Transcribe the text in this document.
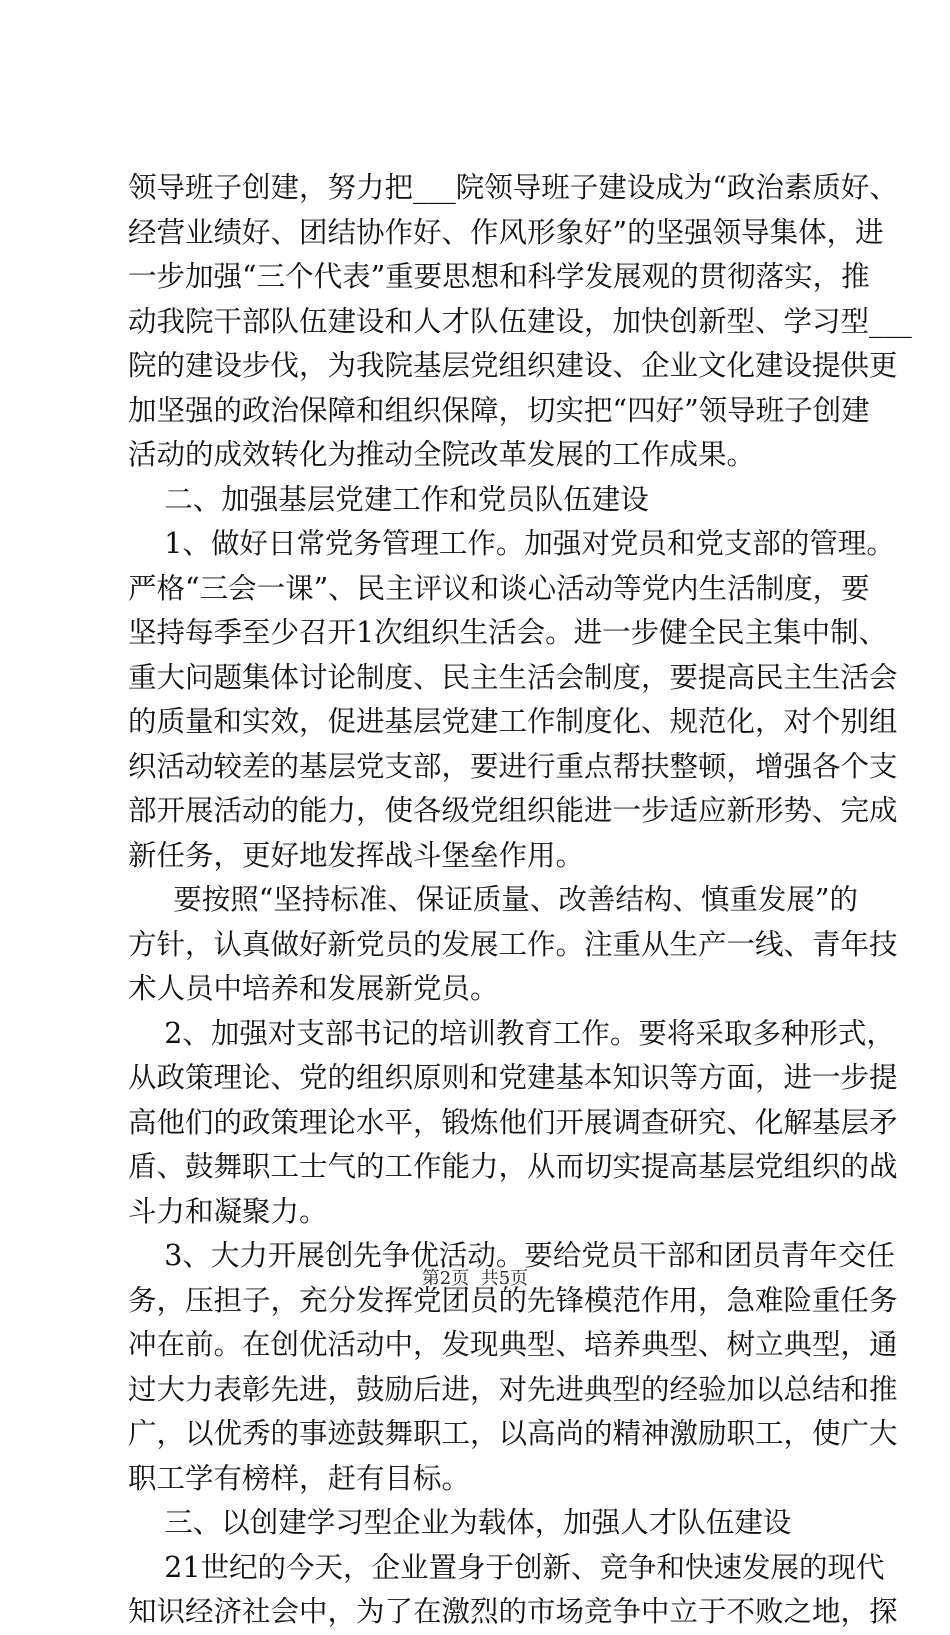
领导班子创建，努力把___院领导班子建设成为“政治素质好、
经营业绩好、团结协作好、作风形象好”的坚强领导集体，进
一步加强“三个代表”重要思想和科学发展观的贯彻落实，推
动我院干部队伍建设和人才队伍建设，加快创新型、学习型___
院的建设步伐，为我院基层党组织建设、企业文化建设提供更
加坚强的政治保障和组织保障，切实把“四好”领导班子创建
活动的成效转化为推动全院改革发展的工作成果。
二、加强基层党建工作和党员队伍建设
1、做好日常党务管理工作。加强对党员和党支部的管理。
严格“三会一课”、民主评议和谈心活动等党内生活制度，要
坚持每季至少召开1次组织生活会。进一步健全民主集中制、
重大问题集体讨论制度、民主生活会制度，要提高民主生活会
的质量和实效，促进基层党建工作制度化、规范化，对个别组
织活动较差的基层党支部，要进行重点帮扶整顿，增强各个支
部开展活动的能力，使各级党组织能进一步适应新形势、完成
新任务，更好地发挥战斗堡垒作用。
要按照“坚持标准、保证质量、改善结构、慎重发展”的
方针，认真做好新党员的发展工作。注重从生产一线、青年技
术人员中培养和发展新党员。
2、加强对支部书记的培训教育工作。要将采取多种形式，
从政策理论、党的组织原则和党建基本知识等方面，进一步提
高他们的政策理论水平，锻炼他们开展调查研究、化解基层矛
盾、鼓舞职工士气的工作能力，从而切实提高基层党组织的战
斗力和凝聚力。
3、大力开展创先争优活动。要给党员干部和团员青年交任
务，压担子，充分发挥党团员的先锋模范作用，急难险重任务
冲在前。在创优活动中，发现典型、培养典型、树立典型，通
过大力表彰先进，鼓励后进，对先进典型的经验加以总结和推
广，以优秀的事迹鼓舞职工，以高尚的精神激励职工，使广大
职工学有榜样，赶有目标。
三、以创建学习型企业为载体，加强人才队伍建设
21世纪的今天，企业置身于创新、竞争和快速发展的现代
知识经济社会中，为了在激烈的市场竞争中立于不败之地，探
第2页  共5页
